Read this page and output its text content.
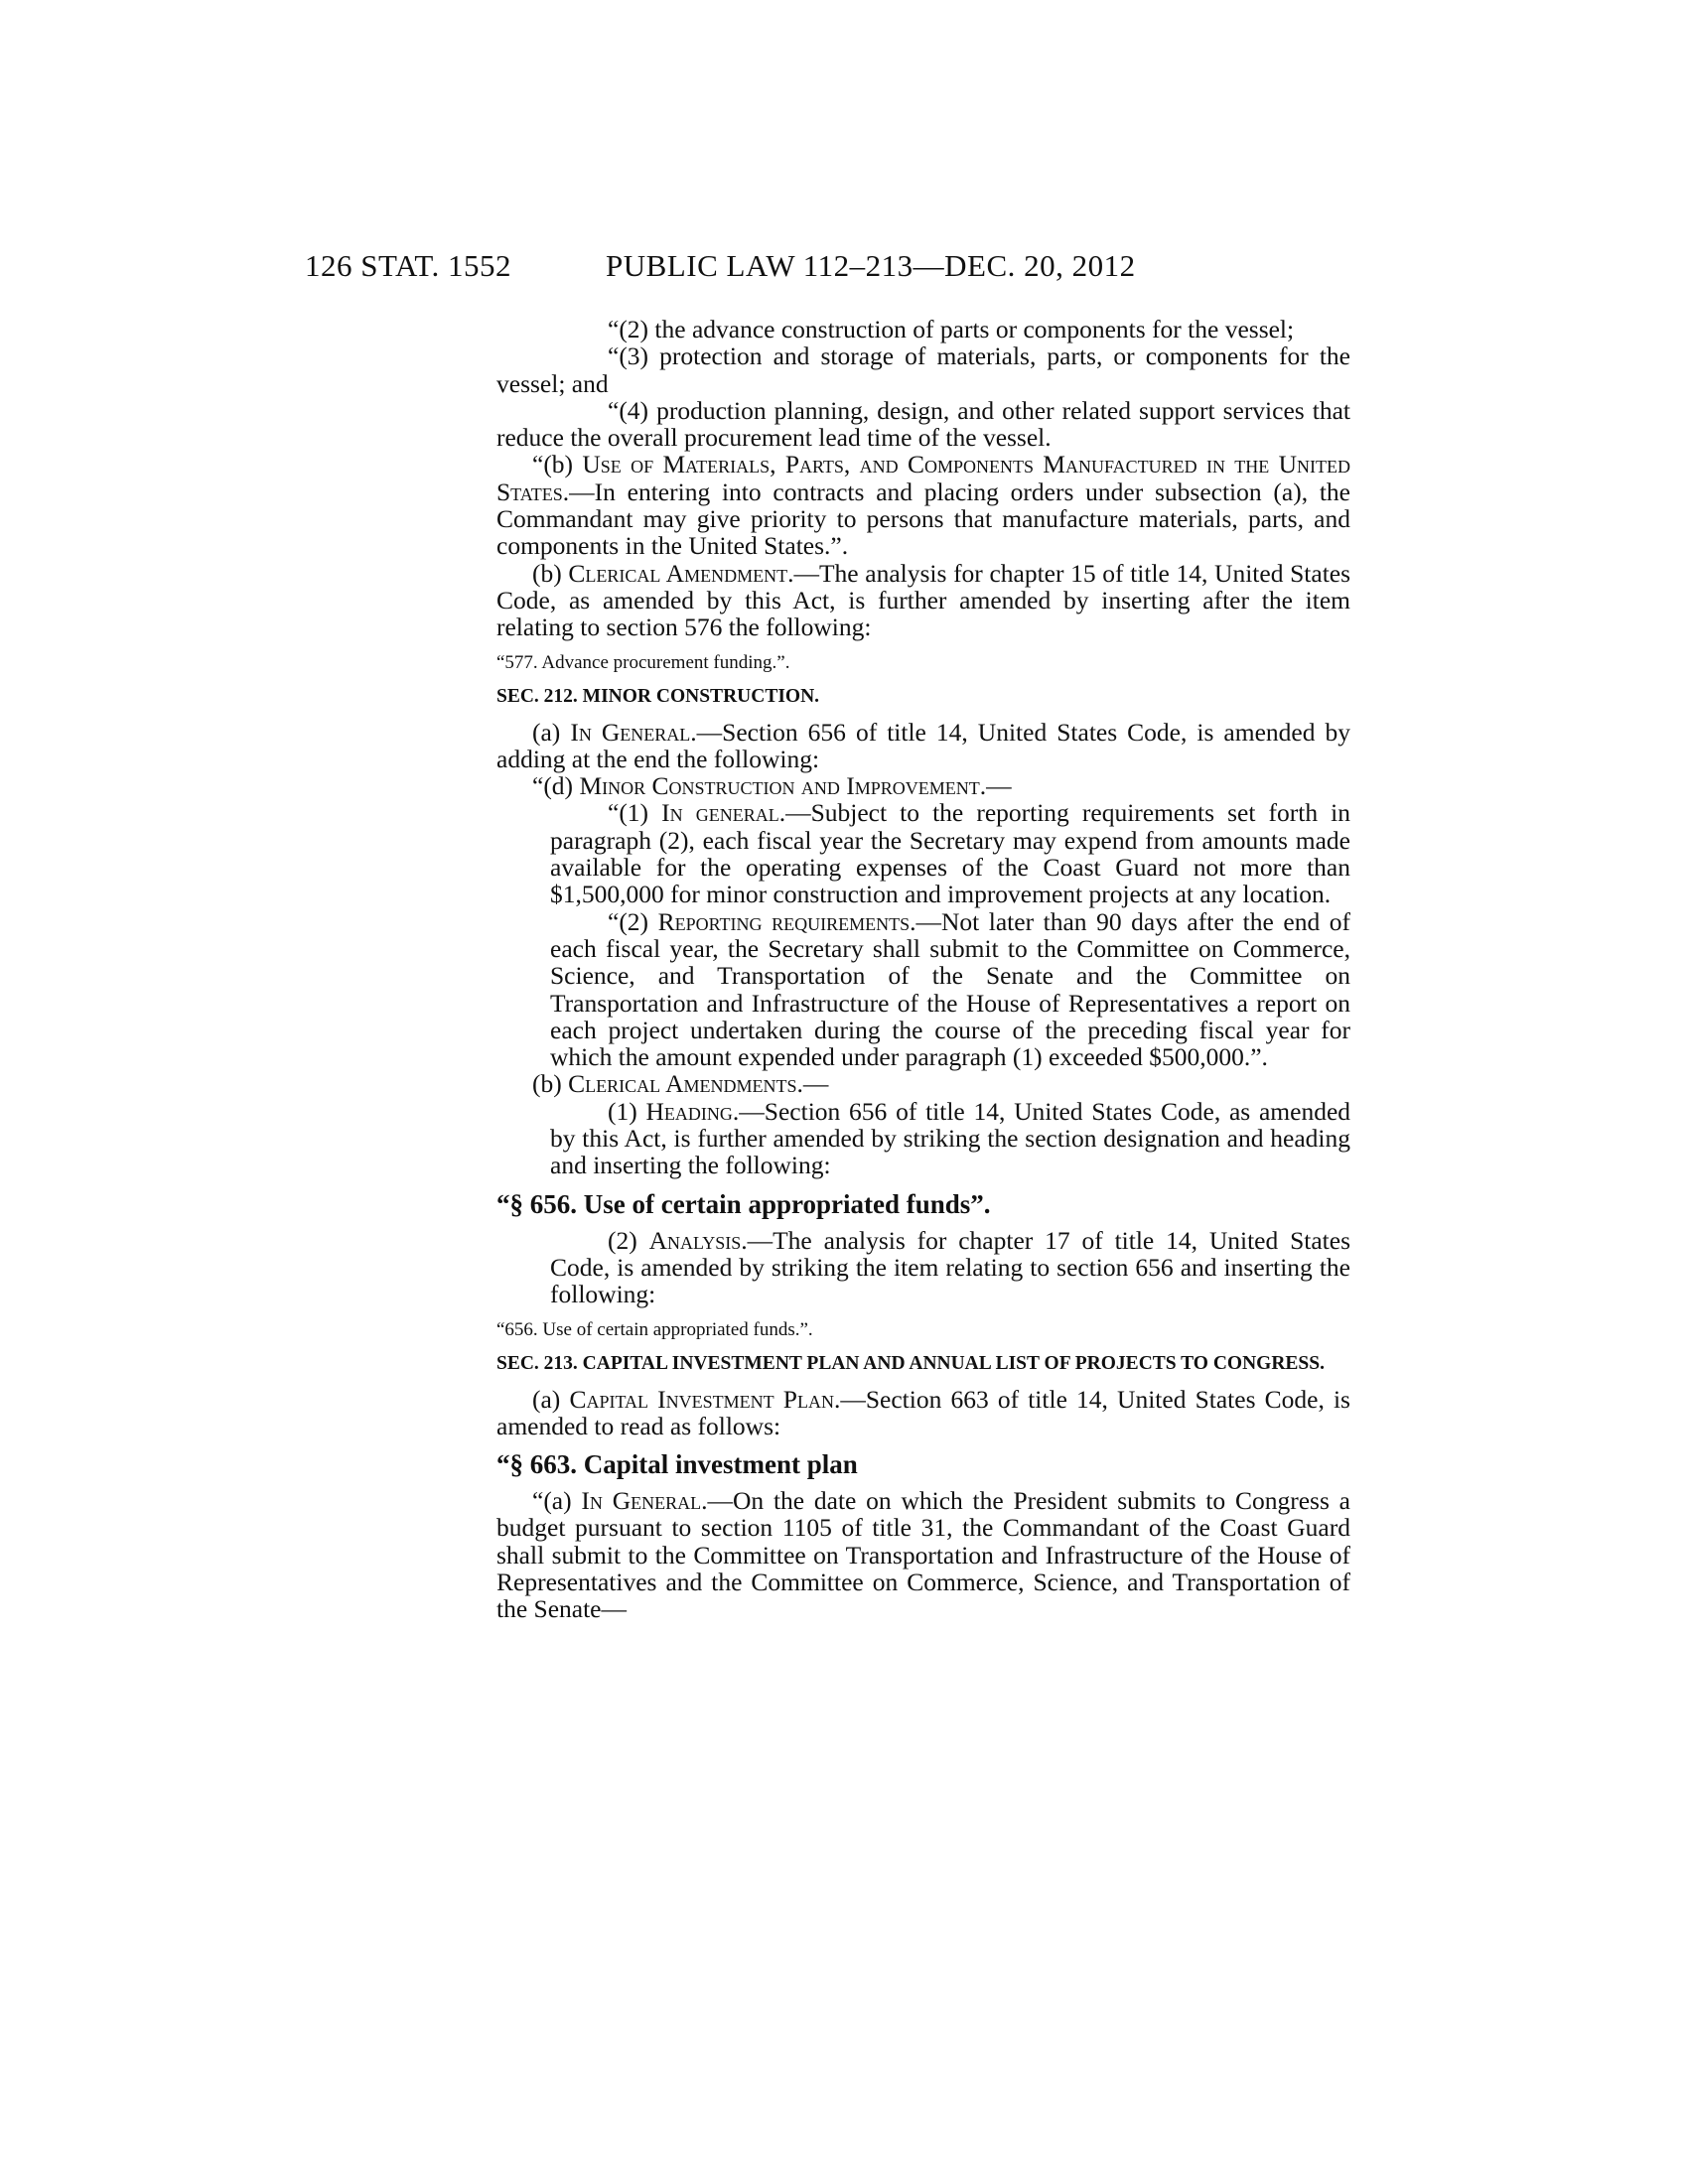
126 STAT. 1552	PUBLIC LAW 112–213—DEC. 20, 2012

“(2) the advance construction of parts or components for the vessel;

“(3) protection and storage of materials, parts, or components for the vessel; and

“(4) production planning, design, and other related support services that reduce the overall procurement lead time of the vessel.

“(b) Use of Materials, Parts, and Components Manufactured in the United States.—In entering into contracts and placing orders under subsection (a), the Commandant may give priority to persons that manufacture materials, parts, and components in the United States.”.

(b) Clerical Amendment.—The analysis for chapter 15 of title 14, United States Code, as amended by this Act, is further amended by inserting after the item relating to section 576 the following:

“577. Advance procurement funding.”.

SEC. 212. MINOR CONSTRUCTION.

(a) In General.—Section 656 of title 14, United States Code, is amended by adding at the end the following:

“(d) Minor Construction and Improvement.—

“(1) In general.—Subject to the reporting requirements set forth in paragraph (2), each fiscal year the Secretary may expend from amounts made available for the operating expenses of the Coast Guard not more than $1,500,000 for minor construction and improvement projects at any location.

“(2) Reporting requirements.—Not later than 90 days after the end of each fiscal year, the Secretary shall submit to the Committee on Commerce, Science, and Transportation of the Senate and the Committee on Transportation and Infrastructure of the House of Representatives a report on each project undertaken during the course of the preceding fiscal year for which the amount expended under paragraph (1) exceeded $500,000.”.

(b) Clerical Amendments.—

(1) Heading.—Section 656 of title 14, United States Code, as amended by this Act, is further amended by striking the section designation and heading and inserting the following:

“§ 656. Use of certain appropriated funds”.

(2) Analysis.—The analysis for chapter 17 of title 14, United States Code, is amended by striking the item relating to section 656 and inserting the following:

“656. Use of certain appropriated funds.”.

SEC. 213. CAPITAL INVESTMENT PLAN AND ANNUAL LIST OF PROJECTS TO CONGRESS.

(a) Capital Investment Plan.—Section 663 of title 14, United States Code, is amended to read as follows:

“§ 663. Capital investment plan

“(a) In General.—On the date on which the President submits to Congress a budget pursuant to section 1105 of title 31, the Commandant of the Coast Guard shall submit to the Committee on Transportation and Infrastructure of the House of Representatives and the Committee on Commerce, Science, and Transportation of the Senate—
